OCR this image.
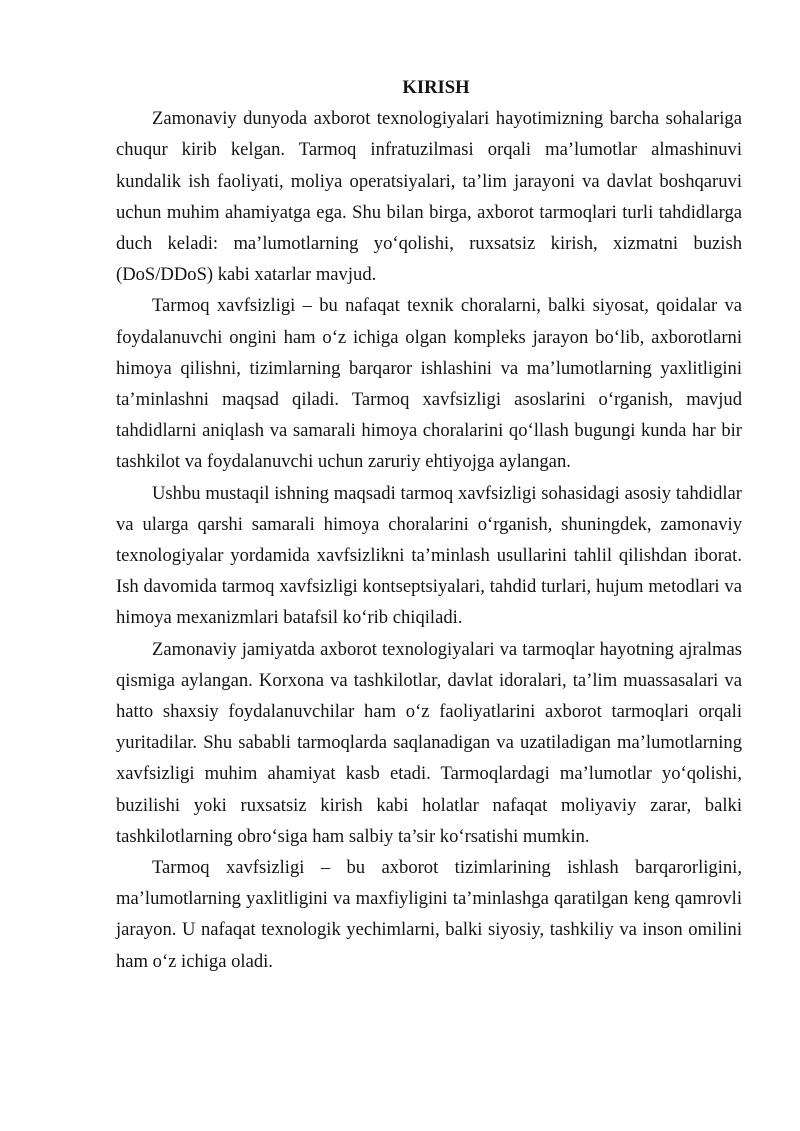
KIRISH

Zamonaviy dunyoda axborot texnologiyalari hayotimizning barcha sohalariga chuqur kirib kelgan. Tarmoq infratuzilmasi orqali ma’lumotlar almashinuvi kundalik ish faoliyati, moliya operatsiyalari, ta’lim jarayoni va davlat boshqaruvi uchun muhim ahamiyatga ega. Shu bilan birga, axborot tarmoqlari turli tahdidlarga duch keladi: ma’lumotlarning yo‘qolishi, ruxsatsiz kirish, xizmatni buzish (DoS/DDoS) kabi xatarlar mavjud.

Tarmoq xavfsizligi – bu nafaqat texnik choralarni, balki siyosat, qoidalar va foydalanuvchi ongini ham o‘z ichiga olgan kompleks jarayon bo‘lib, axborotlarni himoya qilishni, tizimlarning barqaror ishlashini va ma’lumotlarning yaxlitligini ta’minlashni maqsad qiladi. Tarmoq xavfsizligi asoslarini o‘rganish, mavjud tahdidlarni aniqlash va samarali himoya choralarini qo‘llash bugungi kunda har bir tashkilot va foydalanuvchi uchun zaruriy ehtiyojga aylangan.

Ushbu mustaqil ishning maqsadi tarmoq xavfsizligi sohasidagi asosiy tahdidlar va ularga qarshi samarali himoya choralarini o‘rganish, shuningdek, zamonaviy texnologiyalar yordamida xavfsizlikni ta’minlash usullarini tahlil qilishdan iborat. Ish davomida tarmoq xavfsizligi kontseptsiyalari, tahdid turlari, hujum metodlari va himoya mexanizmlari batafsil ko‘rib chiqiladi.

Zamonaviy jamiyatda axborot texnologiyalari va tarmoqlar hayotning ajralmas qismiga aylangan. Korxona va tashkilotlar, davlat idoralari, ta’lim muassasalari va hatto shaxsiy foydalanuvchilar ham o‘z faoliyatlarini axborot tarmoqlari orqali yuritadilar. Shu sababli tarmoqlarda saqlanadigan va uzatiladigan ma’lumotlarning xavfsizligi muhim ahamiyat kasb etadi. Tarmoqlardagi ma’lumotlar yo‘qolishi, buzilishi yoki ruxsatsiz kirish kabi holatlar nafaqat moliyaviy zarar, balki tashkilotlarning obro‘siga ham salbiy ta’sir ko‘rsatishi mumkin.

Tarmoq xavfsizligi – bu axborot tizimlarining ishlash barqarorligini, ma’lumotlarning yaxlitligini va maxfiyligini ta’minlashga qaratilgan keng qamrovli jarayon. U nafaqat texnologik yechimlarni, balki siyosiy, tashkiliy va inson omilini ham o‘z ichiga oladi.
